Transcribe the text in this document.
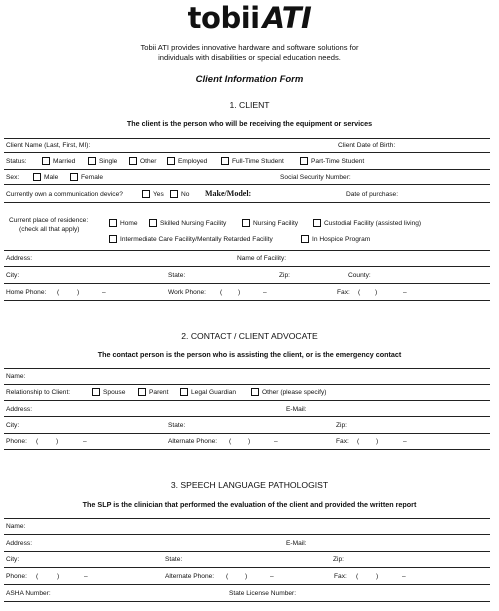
tobii ATI
Tobii ATI provides innovative hardware and software solutions for
individuals with disabilities or special education needs.
Client Information Form
1. CLIENT
The client is the person who will be receiving the equipment or services
Client Name (Last, First, MI):	Client Date of Birth:
Status:	Married	Single	Other	Employed	Full-Time Student	Part-Time Student
Sex:	Male	Female	Social Security Number:
Currently own a communication device?	Yes	No Make/Model:	Date of purchase:
Current place of residence:
(check all that apply)
Home	Skilled Nursing Facility	Nursing Facility	Custodial Facility (assisted living)
Intermediate Care Facility/Mentally Retarded Facility	In Hospice Program
Address:	Name of Facility:
City:	State:	Zip:	County:
Home Phone: (	)	–	Work Phone: ( )	–	Fax: ( )	–
2. CONTACT / CLIENT ADVOCATE
The contact person is the person who is assisting the client, or is the emergency contact
Name:
Relationship to Client:	Spouse	Parent	Legal Guardian	Other (please specify)
Address:	E-Mail:
City:	State:	Zip:
Phone: (	)	–	Alternate Phone: (	)	–	Fax: (	)	–
3. SPEECH LANGUAGE PATHOLOGIST
The SLP is the clinician that performed the evaluation of the client and provided the written report
Name:
Address:	E-Mail:
City:	State:	Zip:
Phone: (	)	–	Alternate Phone: (	)	–	Fax: (	)	–
ASHA Number:	State License Number:
